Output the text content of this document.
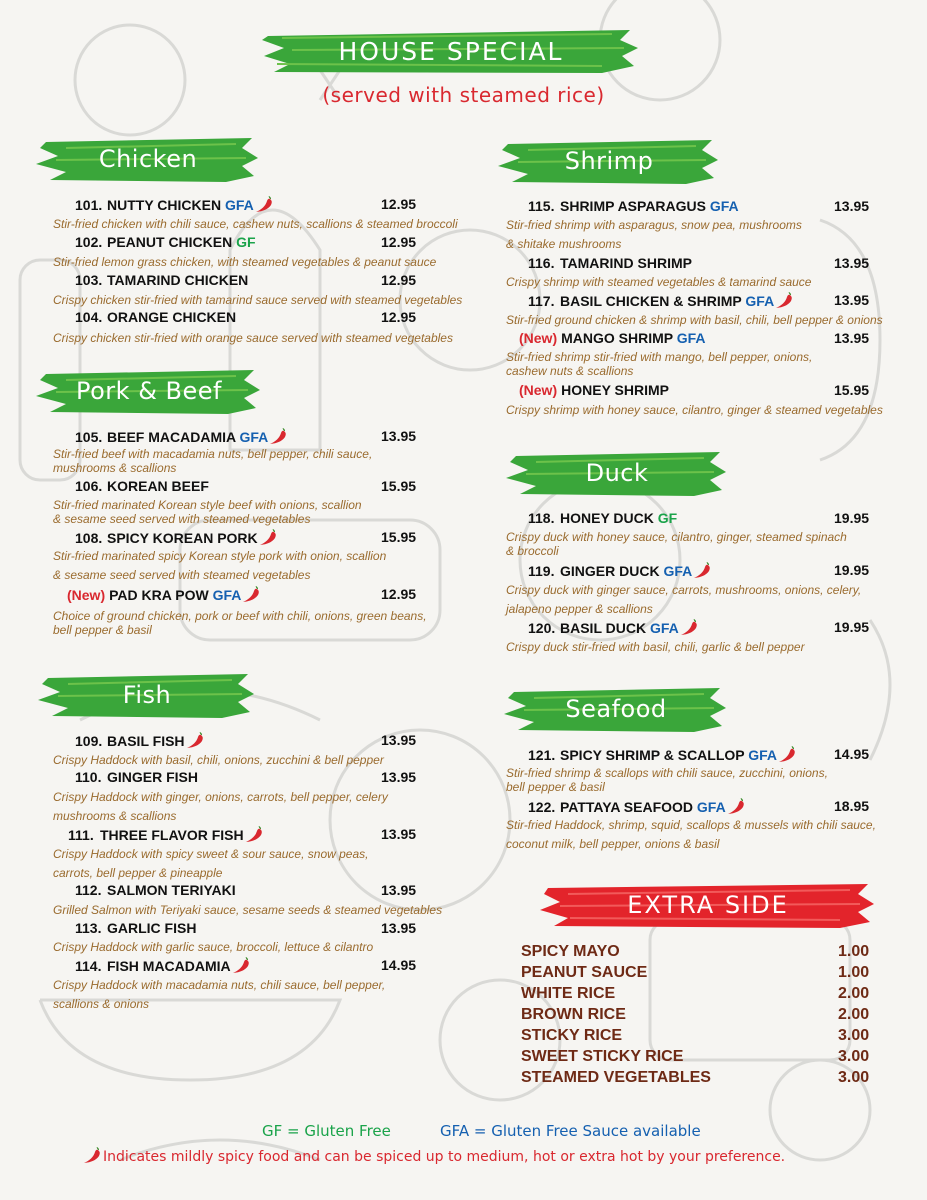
HOUSE SPECIAL
(served with steamed rice)
Chicken
101. NUTTY CHICKEN GFA	12.95
Stir-fried chicken with chili sauce, cashew nuts, scallions & steamed broccoli
102. PEANUT CHICKEN GF	12.95
Stir-fried lemon grass chicken, with steamed vegetables & peanut sauce
103. TAMARIND CHICKEN	12.95
Crispy chicken stir-fried with tamarind sauce served with steamed vegetables
104. ORANGE CHICKEN	12.95
Crispy chicken stir-fried with orange sauce served with steamed vegetables
Pork & Beef
105. BEEF MACADAMIA GFA	13.95
Stir-fried beef with macadamia nuts, bell pepper, chili sauce,
mushrooms & scallions
106. KOREAN BEEF	15.95
Stir-fried marinated Korean style beef with onions, scallion
& sesame seed served with steamed vegetables
108. SPICY KOREAN PORK	15.95
Stir-fried marinated spicy Korean style pork with onion, scallion
& sesame seed served with steamed vegetables
(New) PAD KRA POW GFA	12.95
Choice of ground chicken, pork or beef with chili, onions, green beans,
bell pepper & basil
Fish
109. BASIL FISH	13.95
Crispy Haddock with basil, chili, onions, zucchini & bell pepper
110. GINGER FISH	13.95
Crispy Haddock with ginger, onions, carrots, bell pepper, celery
mushrooms & scallions
111. THREE FLAVOR FISH	13.95
Crispy Haddock with spicy sweet & sour sauce, snow peas,
carrots, bell pepper & pineapple
112. SALMON TERIYAKI	13.95
Grilled Salmon with Teriyaki sauce, sesame seeds & steamed vegetables
113. GARLIC FISH	13.95
Crispy Haddock with garlic sauce, broccoli, lettuce & cilantro
114. FISH MACADAMIA	14.95
Crispy Haddock with macadamia nuts, chili sauce, bell pepper,
scallions & onions
Shrimp
115. SHRIMP ASPARAGUS GFA	13.95
Stir-fried shrimp with asparagus, snow pea, mushrooms
& shitake mushrooms
116. TAMARIND SHRIMP	13.95
Crispy shrimp with steamed vegetables & tamarind sauce
117. BASIL CHICKEN & SHRIMP GFA	13.95
Stir-fried ground chicken & shrimp with basil, chili, bell pepper & onions
(New) MANGO SHRIMP GFA	13.95
Stir-fried shrimp stir-fried with mango, bell pepper, onions,
cashew nuts & scallions
(New) HONEY SHRIMP	15.95
Crispy shrimp with honey sauce, cilantro, ginger & steamed vegetables
Duck
118. HONEY DUCK GF	19.95
Crispy duck with honey sauce, cilantro, ginger, steamed spinach
& broccoli
119. GINGER DUCK GFA	19.95
Crispy duck with ginger sauce, carrots, mushrooms, onions, celery,
jalapeno pepper & scallions
120. BASIL DUCK GFA	19.95
Crispy duck stir-fried with basil, chili, garlic & bell pepper
Seafood
121. SPICY SHRIMP & SCALLOP GFA	14.95
Stir-fried shrimp & scallops with chili sauce, zucchini, onions,
bell pepper & basil
122. PATTAYA SEAFOOD GFA	18.95
Stir-fried Haddock, shrimp, squid, scallops & mussels with chili sauce,
coconut milk, bell pepper, onions & basil
EXTRA SIDE
SPICY MAYO	1.00
PEANUT SAUCE	1.00
WHITE RICE	2.00
BROWN RICE	2.00
STICKY RICE	3.00
SWEET STICKY RICE	3.00
STEAMED VEGETABLES	3.00
GF = Gluten Free	GFA = Gluten Free Sauce available
Indicates mildly spicy food and can be spiced up to medium, hot or extra hot by your preference.
